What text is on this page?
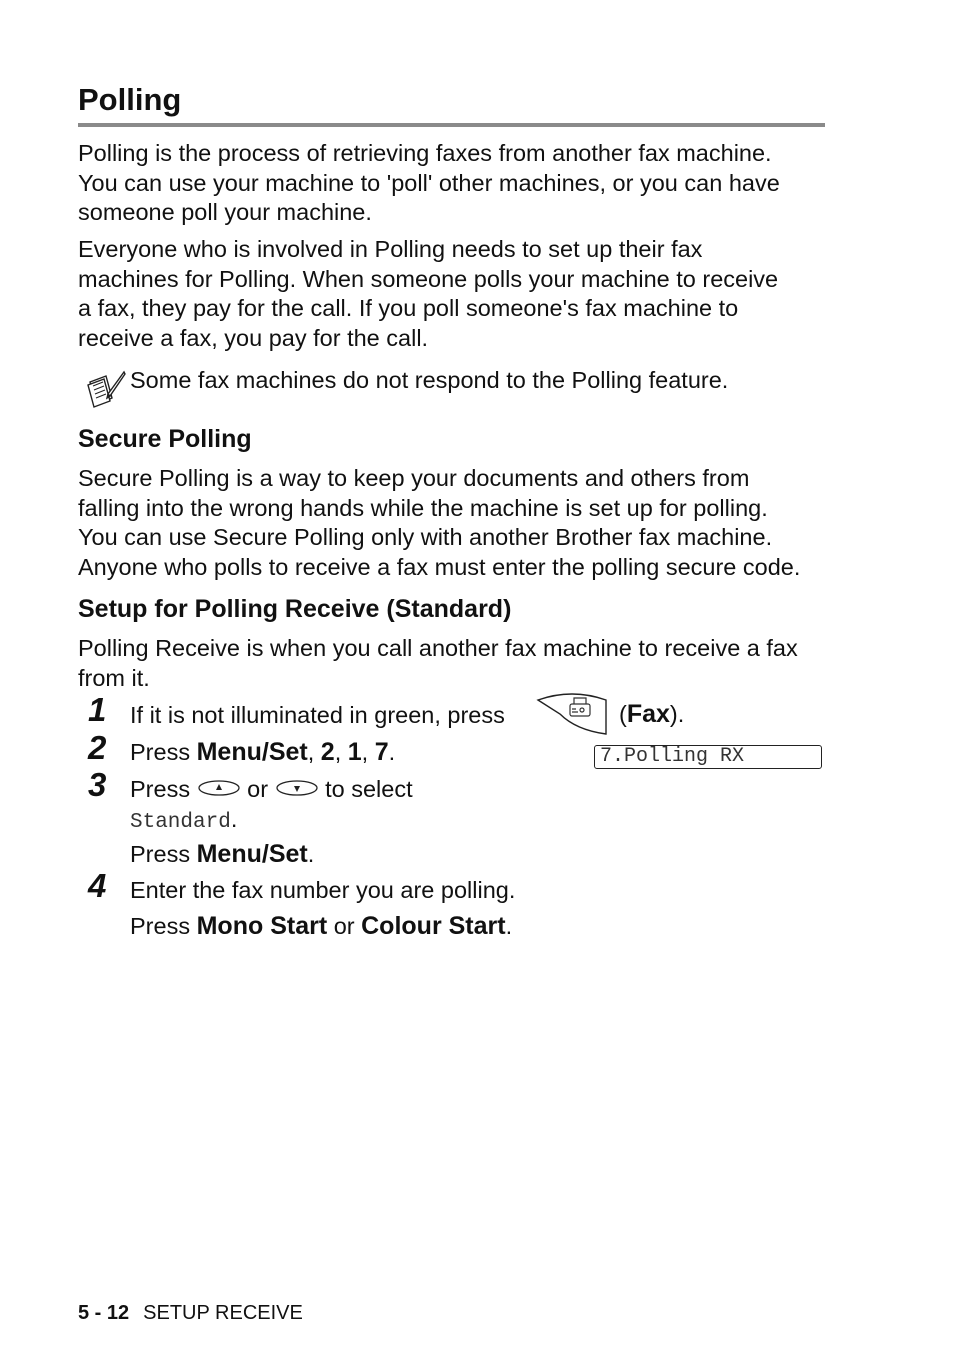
Polling

Polling is the process of retrieving faxes from another fax machine.
You can use your machine to 'poll' other machines, or you can have
someone poll your machine.

Everyone who is involved in Polling needs to set up their fax
machines for Polling. When someone polls your machine to receive
a fax, they pay for the call. If you poll someone's fax machine to
receive a fax, you pay for the call.

Some fax machines do not respond to the Polling feature.
Secure Polling

Secure Polling is a way to keep your documents and others from
falling into the wrong hands while the machine is set up for polling.
You can use Secure Polling only with another Brother fax machine.
Anyone who polls to receive a fax must enter the polling secure code.

Setup for Polling Receive (Standard)

Polling Receive is when you call another fax machine to receive a fax
from it.

1 If it is not illuminated in green, press	(Fax).
2 Press Menu/Set, 2, 1, 7.	7.Polling RX
3 Press or to select
Standard.
Press Menu/Set.
4 Enter the fax number you are polling.
Press Mono Start or Colour Start.
5 - 12 SETUP RECEIVE
